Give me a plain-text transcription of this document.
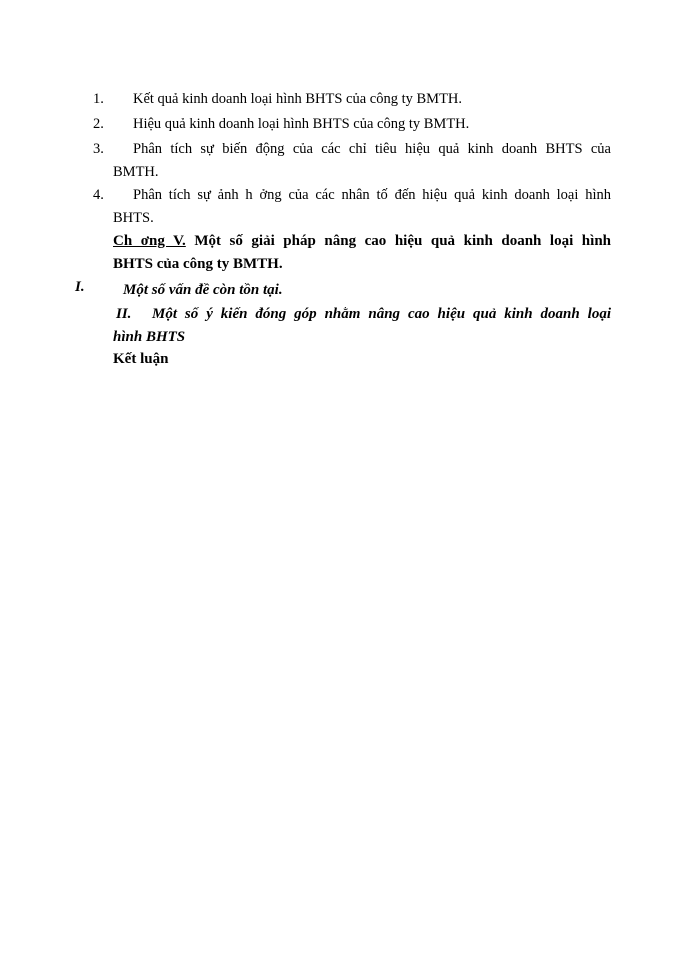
1.	Kết quả kinh doanh loại hình BHTS của công ty BMTH.
2.	Hiệu quả kinh doanh loại hình BHTS của công ty BMTH.
3.	Phân tích sự biến động của các chỉ tiêu hiệu quả kinh doanh BHTS của
BMTH.
4.	Phân tích sự ảnh h ởng của các nhân tố đến hiệu quả kinh doanh loại hình
BHTS.
Ch ơng V. Một số giải pháp nâng cao hiệu quả kinh doanh loại hình
BHTS của công ty BMTH.
I.	Một số vấn đề còn tồn tại.
II. Một số ý kiến đóng góp nhằm nâng cao hiệu quả kinh doanh loại
hình BHTS
Kết luận
